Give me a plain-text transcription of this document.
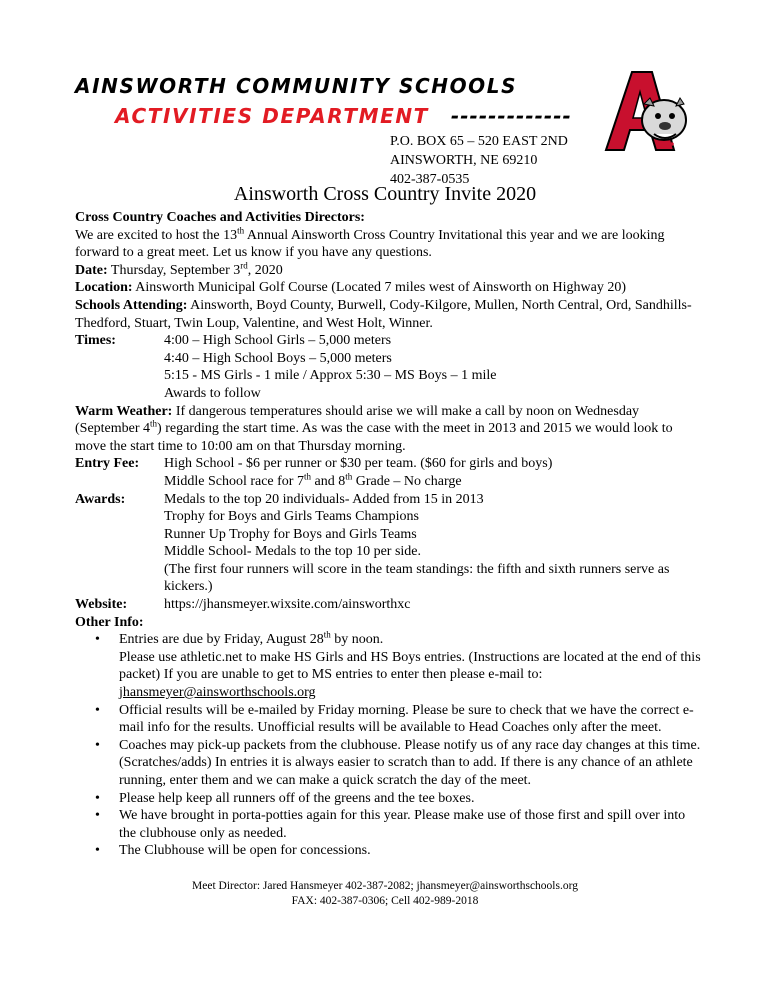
AINSWORTH COMMUNITY SCHOOLS
ACTIVITIES DEPARTMENT -------------
P.O. BOX 65 – 520 EAST 2ND
AINSWORTH, NE 69210
402-387-0535
Ainsworth Cross Country Invite 2020

Cross Country Coaches and Activities Directors:

We are excited to host the 13th Annual Ainsworth Cross Country Invitational this year and we are looking forward to a great meet. Let us know if you have any questions.

Date: Thursday, September 3rd, 2020

Location: Ainsworth Municipal Golf Course (Located 7 miles west of Ainsworth on Highway 20)

Schools Attending: Ainsworth, Boyd County, Burwell, Cody-Kilgore, Mullen, North Central, Ord, Sandhills-Thedford, Stuart, Twin Loup, Valentine, and West Holt, Winner.

Times:	4:00 – High School Girls – 5,000 meters
4:40 – High School Boys – 5,000 meters
5:15 - MS Girls - 1 mile / Approx 5:30 – MS Boys – 1 mile
Awards to follow

Warm Weather: If dangerous temperatures should arise we will make a call by noon on Wednesday (September 4th) regarding the start time. As was the case with the meet in 2013 and 2015 we would look to move the start time to 10:00 am on that Thursday morning.

Entry Fee:	High School - $6 per runner or $30 per team. ($60 for girls and boys)
Middle School race for 7th and 8th Grade – No charge
Awards:	Medals to the top 20 individuals- Added from 15 in 2013
Trophy for Boys and Girls Teams Champions
Runner Up Trophy for Boys and Girls Teams
Middle School- Medals to the top 10 per side.
(The first four runners will score in the team standings: the fifth and sixth runners serve as kickers.)
Website:	https://jhansmeyer.wixsite.com/ainsworthxc

Other Info:

• Entries are due by Friday, August 28th by noon.
Please use athletic.net to make HS Girls and HS Boys entries. (Instructions are located at the end of this packet) If you are unable to get to MS entries to enter then please e-mail to:
jhansmeyer@ainsworthschools.org
• Official results will be e-mailed by Friday morning. Please be sure to check that we have the correct e-mail info for the results. Unofficial results will be available to Head Coaches only after the meet.
• Coaches may pick-up packets from the clubhouse. Please notify us of any race day changes at this time. (Scratches/adds) In entries it is always easier to scratch than to add. If there is any chance of an athlete running, enter them and we can make a quick scratch the day of the meet.
• Please help keep all runners off of the greens and the tee boxes.
• We have brought in porta-potties again for this year. Please make use of those first and spill over into the clubhouse only as needed.
• The Clubhouse will be open for concessions.
Meet Director: Jared Hansmeyer 402-387-2082; jhansmeyer@ainsworthschools.org
FAX: 402-387-0306; Cell 402-989-2018
